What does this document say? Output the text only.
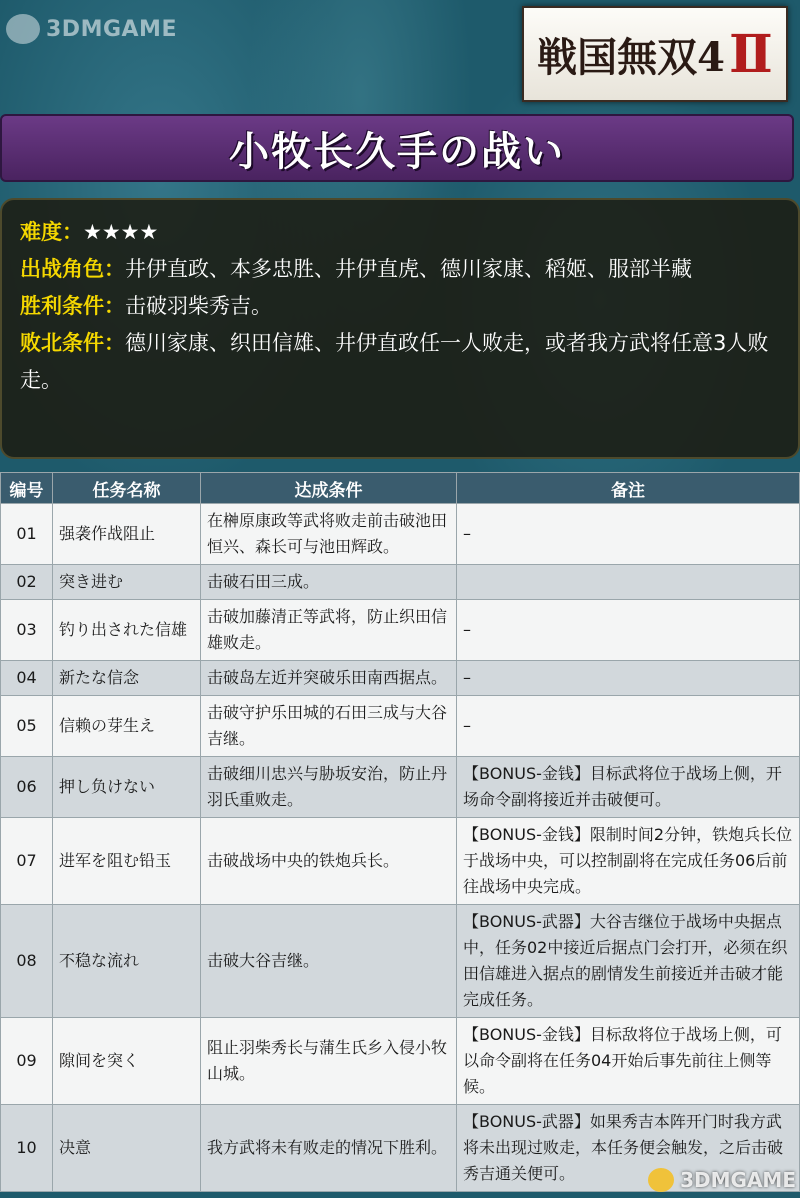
3DMGAME
戦国無双4 Ⅱ
小牧长久手の战い
难度：★★★★
出战角色：井伊直政、本多忠胜、井伊直虎、德川家康、稻姬、服部半藏
胜利条件：击破羽柴秀吉。
败北条件：德川家康、织田信雄、井伊直政任一人败走，或者我方武将任意3人败走。
编号	任务名称	达成条件	备注
01	强袭作战阻止	在榊原康政等武将败走前击破池田恒兴、森长可与池田辉政。	–
02	突き进む	击破石田三成。	
03	钓り出された信雄	击破加藤清正等武将，防止织田信雄败走。	–
04	新たな信念	击破岛左近并突破乐田南西据点。	–
05	信赖の芽生え	击破守护乐田城的石田三成与大谷吉继。	–
06	押し负けない	击破细川忠兴与胁坂安治，防止丹羽氏重败走。	【BONUS-金钱】目标武将位于战场上侧，开场命令副将接近并击破便可。
07	进军を阻む铅玉	击破战场中央的铁炮兵长。	【BONUS-金钱】限制时间2分钟，铁炮兵长位于战场中央，可以控制副将在完成任务06后前往战场中央完成。
08	不稳な流れ	击破大谷吉继。	【BONUS-武器】大谷吉继位于战场中央据点中，任务02中接近后据点门会打开，必须在织田信雄进入据点的剧情发生前接近并击破才能完成任务。
09	隙间を突く	阻止羽柴秀长与蒲生氏乡入侵小牧山城。	【BONUS-金钱】目标敌将位于战场上侧，可以命令副将在任务04开始后事先前往上侧等候。
10	决意	我方武将未有败走的情况下胜利。	【BONUS-武器】如果秀吉本阵开门时我方武将未出现过败走，本任务便会触发，之后击破秀吉通关便可。	3DMGAME
